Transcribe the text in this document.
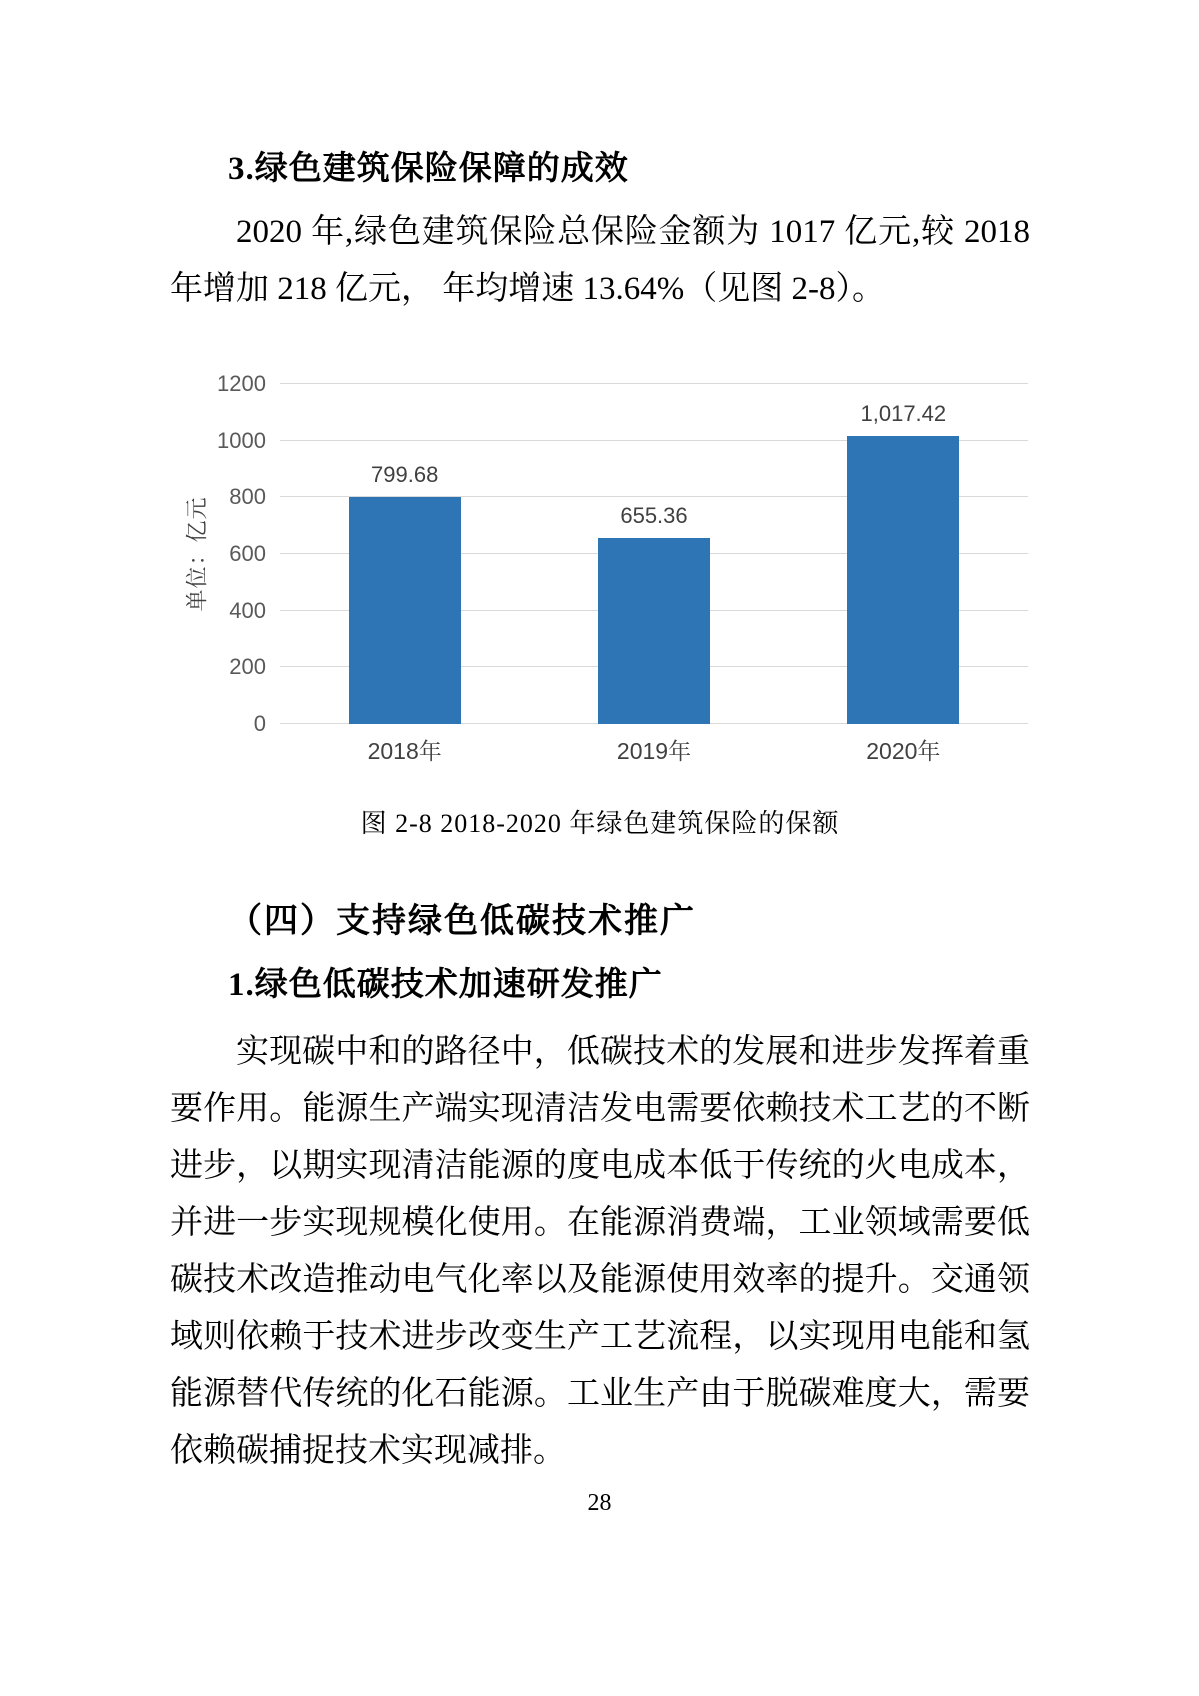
3.绿色建筑保险保障的成效
2020 年,绿色建筑保险总保险金额为 1017 亿元,较 2018
年增加 218 亿元， 年均增速 13.64%（见图 2-8）。
单位：亿元
0
200
400
600
800
1000
1200
799.68
2018年
655.36
2019年
1,017.42
2020年
图 2-8 2018-2020 年绿色建筑保险的保额
（四）支持绿色低碳技术推广
1.绿色低碳技术加速研发推广
实现碳中和的路径中，低碳技术的发展和进步发挥着重
要作用。能源生产端实现清洁发电需要依赖技术工艺的不断
进步，以期实现清洁能源的度电成本低于传统的火电成本，
并进一步实现规模化使用。在能源消费端，工业领域需要低
碳技术改造推动电气化率以及能源使用效率的提升。交通领
域则依赖于技术进步改变生产工艺流程，以实现用电能和氢
能源替代传统的化石能源。工业生产由于脱碳难度大，需要
依赖碳捕捉技术实现减排。
28
